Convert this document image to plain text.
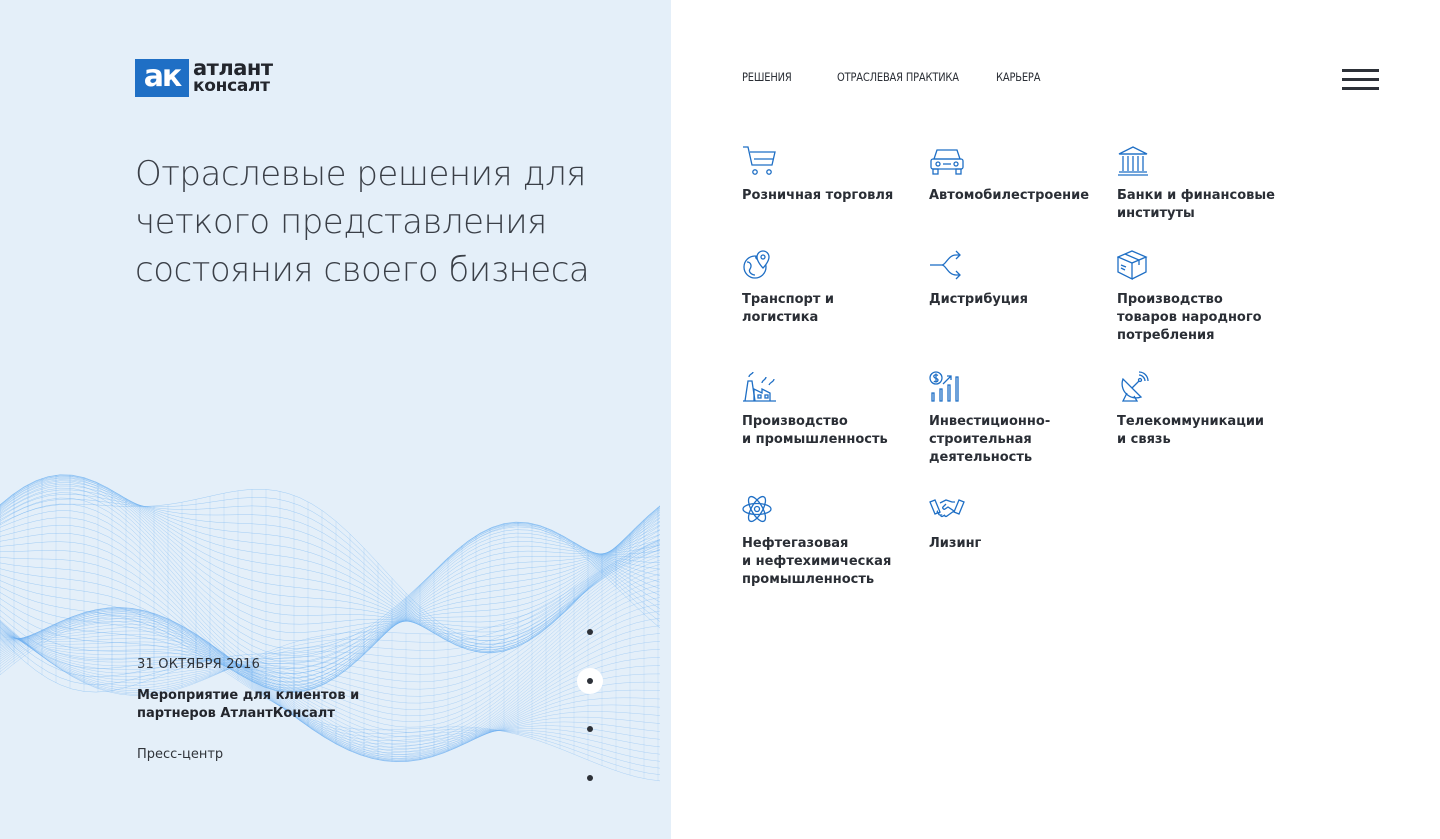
ак атлант
консалт
Отраслевые решения для четкого представления состояния своего бизнеса
31 ОКТЯБРЯ 2016
Мероприятие для клиентов и партнеров АтлантКонсалт
Пресс-центр
РЕШЕНИЯ	ОТРАСЛЕВАЯ ПРАКТИКА	КАРЬЕРА
Розничная торговля	Автомобилестроение	Банки и финансовые
институты
Транспорт и
логистика
Дистрибуция	Производство
товаров народного
потребления
Производство
и промышленность
Инвестиционно-
строительная
деятельность
Телекоммуникации
и связь
Нефтегазовая
и нефтехимическая
промышленность
Лизинг
